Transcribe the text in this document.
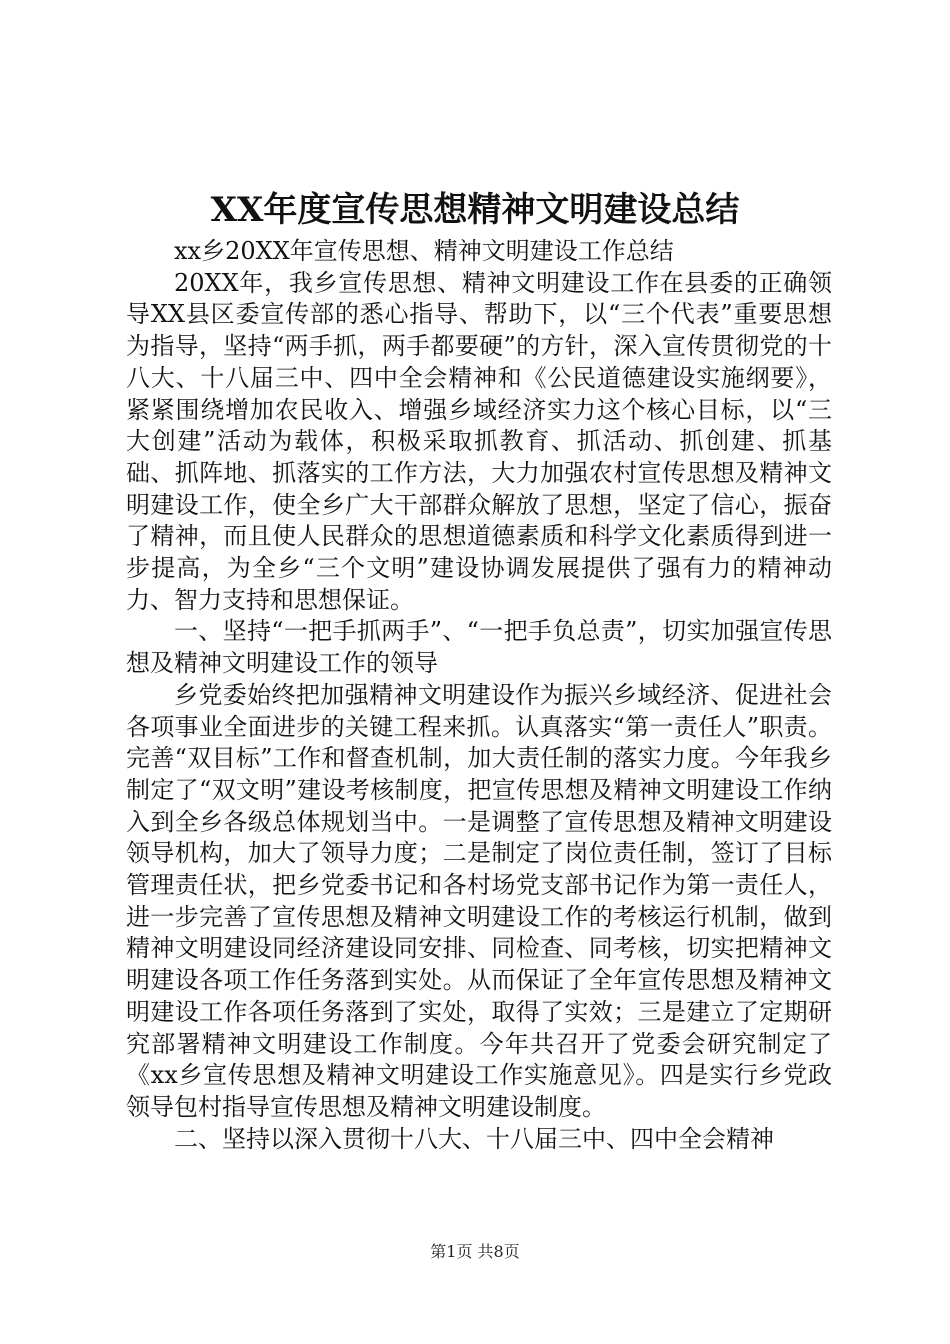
XX年度宣传思想精神文明建设总结

xx乡20XX年宣传思想、精神文明建设工作总结

20XX年，我乡宣传思想、精神文明建设工作在县委的正确领导XX县区委宣传部的悉心指导、帮助下，以“三个代表”重要思想为指导，坚持“两手抓，两手都要硬”的方针，深入宣传贯彻党的十八大、十八届三中、四中全会精神和《公民道德建设实施纲要》，紧紧围绕增加农民收入、增强乡域经济实力这个核心目标，以“三大创建”活动为载体，积极采取抓教育、抓活动、抓创建、抓基础、抓阵地、抓落实的工作方法，大力加强农村宣传思想及精神文明建设工作，使全乡广大干部群众解放了思想，坚定了信心，振奋了精神，而且使人民群众的思想道德素质和科学文化素质得到进一步提高，为全乡“三个文明”建设协调发展提供了强有力的精神动力、智力支持和思想保证。

一、坚持“一把手抓两手”、“一把手负总责”，切实加强宣传思想及精神文明建设工作的领导

乡党委始终把加强精神文明建设作为振兴乡域经济、促进社会各项事业全面进步的关键工程来抓。认真落实“第一责任人”职责。完善“双目标”工作和督查机制，加大责任制的落实力度。今年我乡制定了“双文明”建设考核制度，把宣传思想及精神文明建设工作纳入到全乡各级总体规划当中。一是调整了宣传思想及精神文明建设领导机构，加大了领导力度；二是制定了岗位责任制，签订了目标管理责任状，把乡党委书记和各村场党支部书记作为第一责任人，进一步完善了宣传思想及精神文明建设工作的考核运行机制，做到精神文明建设同经济建设同安排、同检查、同考核，切实把精神文明建设各项工作任务落到实处。从而保证了全年宣传思想及精神文明建设工作各项任务落到了实处，取得了实效；三是建立了定期研究部署精神文明建设工作制度。今年共召开了党委会研究制定了《xx乡宣传思想及精神文明建设工作实施意见》。四是实行乡党政领导包村指导宣传思想及精神文明建设制度。

二、坚持以深入贯彻十八大、十八届三中、四中全会精神

第1页 共8页
